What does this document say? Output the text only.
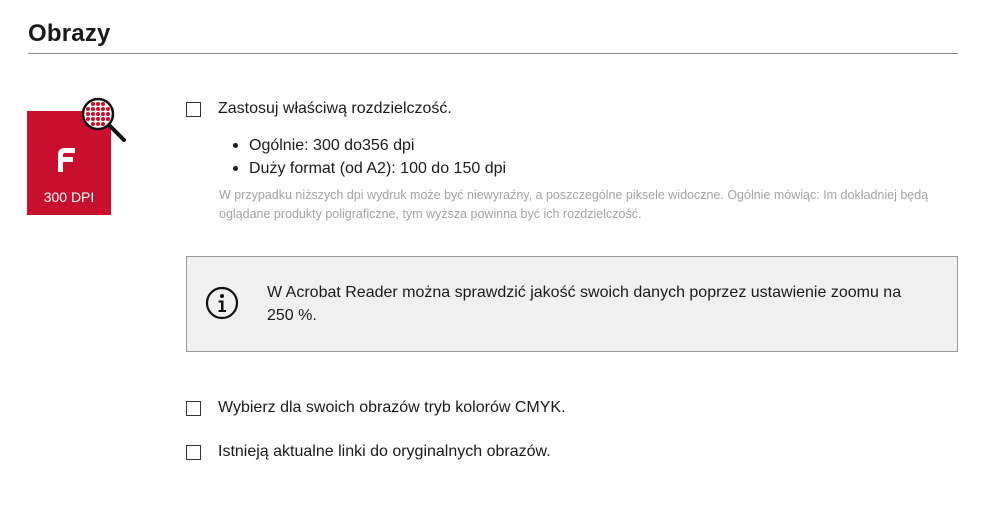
Obrazy
300 DPI
Zastosuj właściwą rozdzielczość.
Ogólnie: 300 do356 dpi
Duży format (od A2): 100 do 150 dpi
W przypadku niższych dpi wydruk może być niewyraźny, a poszczególne piksele widoczne. Ogólnie mówiąc: Im dokładniej będą oglądane produkty poligraficzne, tym wyższa powinna być ich rozdzielczość.
W Acrobat Reader można sprawdzić jakość swoich danych poprzez ustawienie zoomu na 250 %.
Wybierz dla swoich obrazów tryb kolorów CMYK.
Istnieją aktualne linki do oryginalnych obrazów.
